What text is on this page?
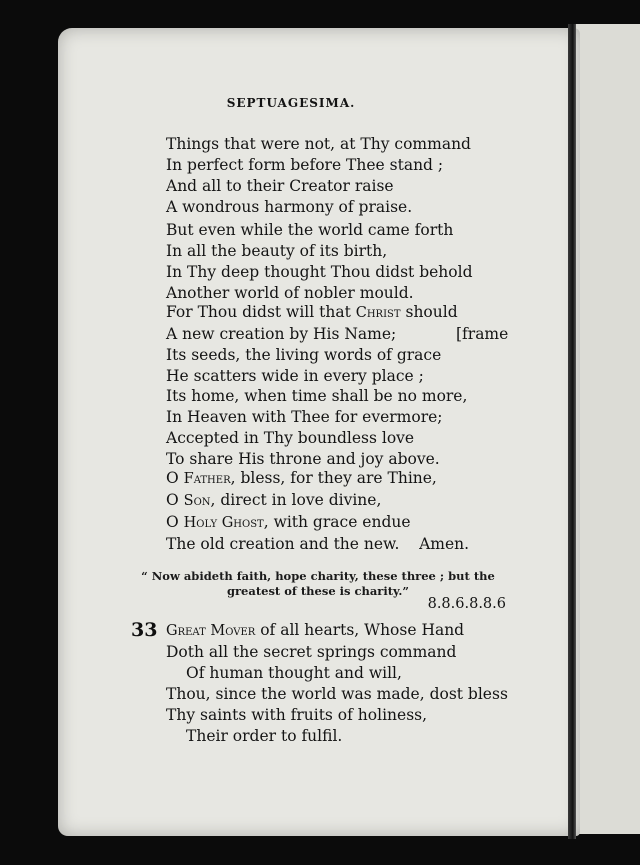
SEPTUAGESIMA.
Things that were not, at Thy command
In perfect form before Thee stand ;
And all to their Creator raise
A wondrous harmony of praise.
But even while the world came forth
In all the beauty of its birth,
In Thy deep thought Thou didst behold
Another world of nobler mould.
For Thou didst will that Christ should
A new creation by His Name;	[frame
Its seeds, the living words of grace
He scatters wide in every place ;
Its home, when time shall be no more,
In Heaven with Thee for evermore;
Accepted in Thy boundless love
To share His throne and joy above.
O Father, bless, for they are Thine,
O Son, direct in love divine,
O Holy Ghost, with grace endue
The old creation and the new.    Amen.
“ Now abideth faith, hope charity, these three ; but the
greatest of these is charity.”
8.8.6.8.8.6
33 Great Mover of all hearts, Whose Hand
Doth all the secret springs command
Of human thought and will,
Thou, since the world was made, dost bless
Thy saints with fruits of holiness,
Their order to fulfil.
